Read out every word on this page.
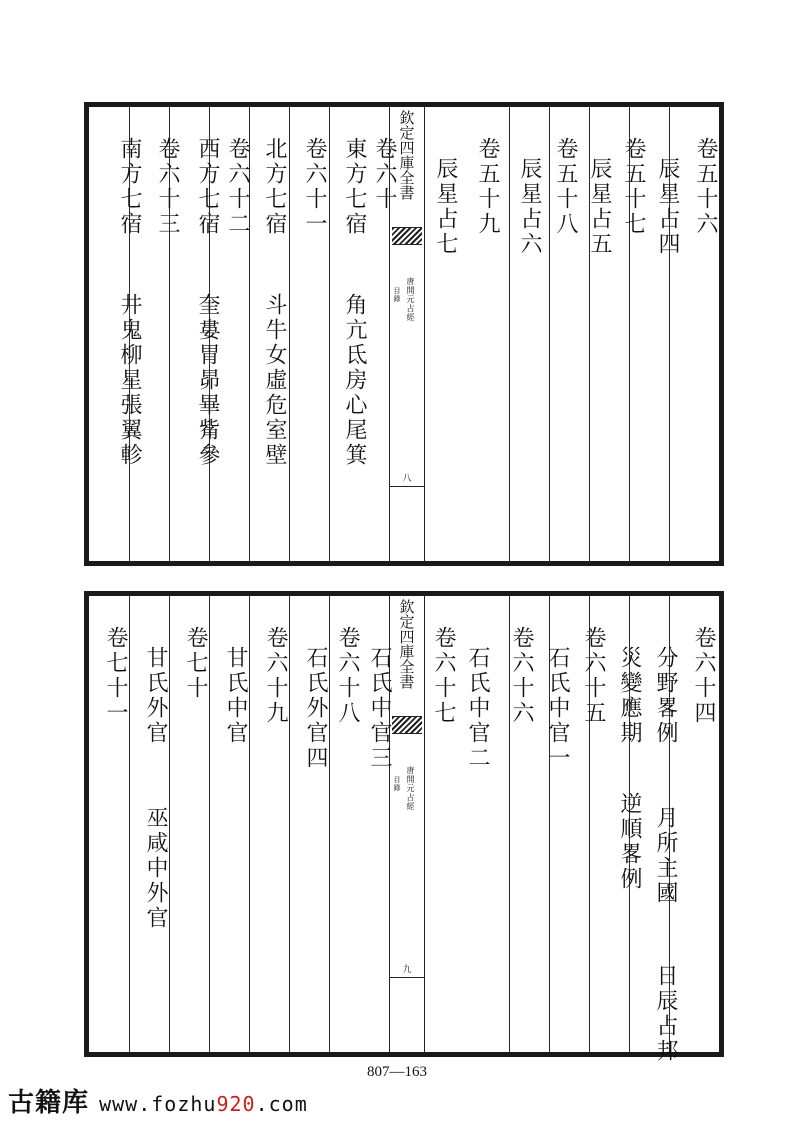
南方七宿
井鬼柳星張翼軫
卷六十三 西方七宿
奎婁胃昴畢觜參
卷六十二 北方七宿
斗牛女虛危室壁
卷六十一 東方七宿
角亢氐房心尾箕
卷六十
欽
定
四
庫
全
書
唐開元占經
目錄
八
辰星占七 卷五十九 辰星占六 卷五十八 辰星占五 卷五十七 辰星占四 卷五十六
卷七十一 甘氏外官
巫咸中外官
卷七十 甘氏中官 卷六十九 石氏外官四 卷六十八 石氏中官三
欽
定
四
庫
全
書
唐開元占經
目錄
九
卷六十七 石氏中官二 卷六十六 石氏中官一 卷六十五 災變應期
逆順畧例
分野畧例
月所主國
日辰占邦
卷六十四
807—163
古籍库 www.fozhu920.com
